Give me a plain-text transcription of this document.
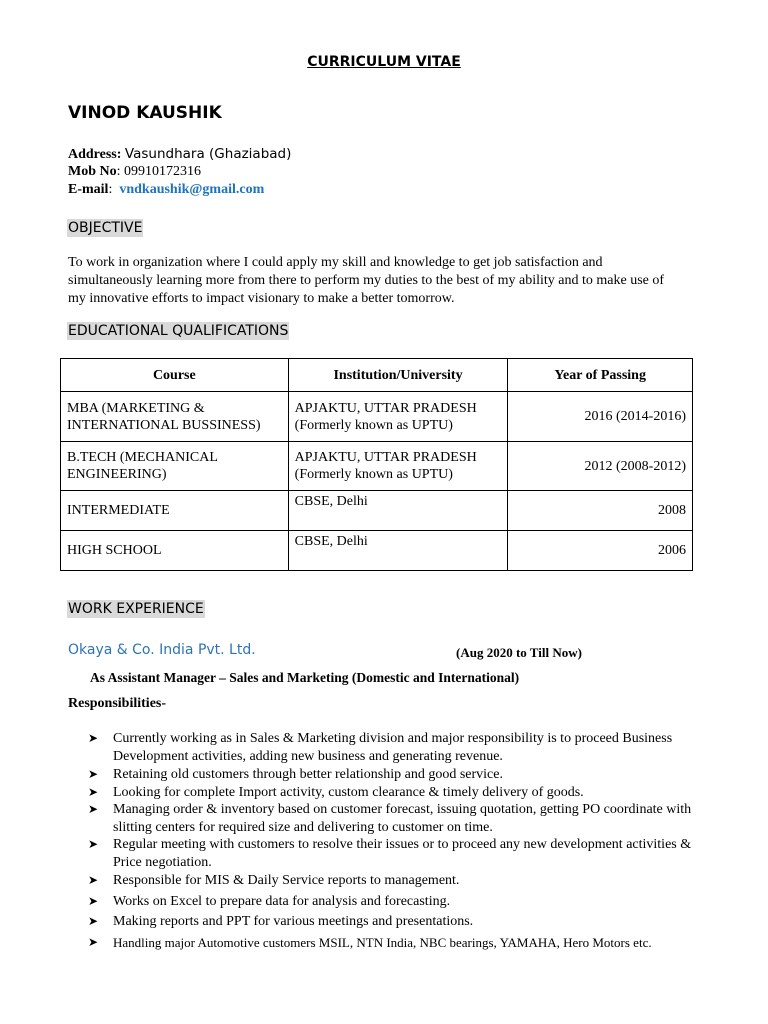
CURRICULUM VITAE
VINOD KAUSHIK
Address: Vasundhara (Ghaziabad)
Mob No: 09910172316
E-mail: vndkaushik@gmail.com
OBJECTIVE
To work in organization where I could apply my skill and knowledge to get job satisfaction and simultaneously learning more from there to perform my duties to the best of my ability and to make use of my innovative efforts to impact visionary to make a better tomorrow.
EDUCATIONAL QUALIFICATIONS
Course	Institution/University	Year of Passing
MBA (MARKETING & INTERNATIONAL BUSSINESS)	APJAKTU, UTTAR PRADESH (Formerly known as UPTU)	2016 (2014-2016)
B.TECH (MECHANICAL ENGINEERING)	APJAKTU, UTTAR PRADESH (Formerly known as UPTU)	2012 (2008-2012)
INTERMEDIATE	CBSE, Delhi	2008
HIGH SCHOOL	CBSE, Delhi	2006
WORK EXPERIENCE
Okaya & Co. India Pvt. Ltd.	(Aug 2020 to Till Now)
As Assistant Manager – Sales and Marketing (Domestic and International)
Responsibilities-
➤ Currently working as in Sales & Marketing division and major responsibility is to proceed Business Development activities, adding new business and generating revenue.
➤ Retaining old customers through better relationship and good service.
➤ Looking for complete Import activity, custom clearance & timely delivery of goods.
➤ Managing order & inventory based on customer forecast, issuing quotation, getting PO coordinate with slitting centers for required size and delivering to customer on time.
➤ Regular meeting with customers to resolve their issues or to proceed any new development activities & Price negotiation.
➤ Responsible for MIS & Daily Service reports to management.
➤ Works on Excel to prepare data for analysis and forecasting.
➤ Making reports and PPT for various meetings and presentations.
➤ Handling major Automotive customers MSIL, NTN India, NBC bearings, YAMAHA, Hero Motors etc.
